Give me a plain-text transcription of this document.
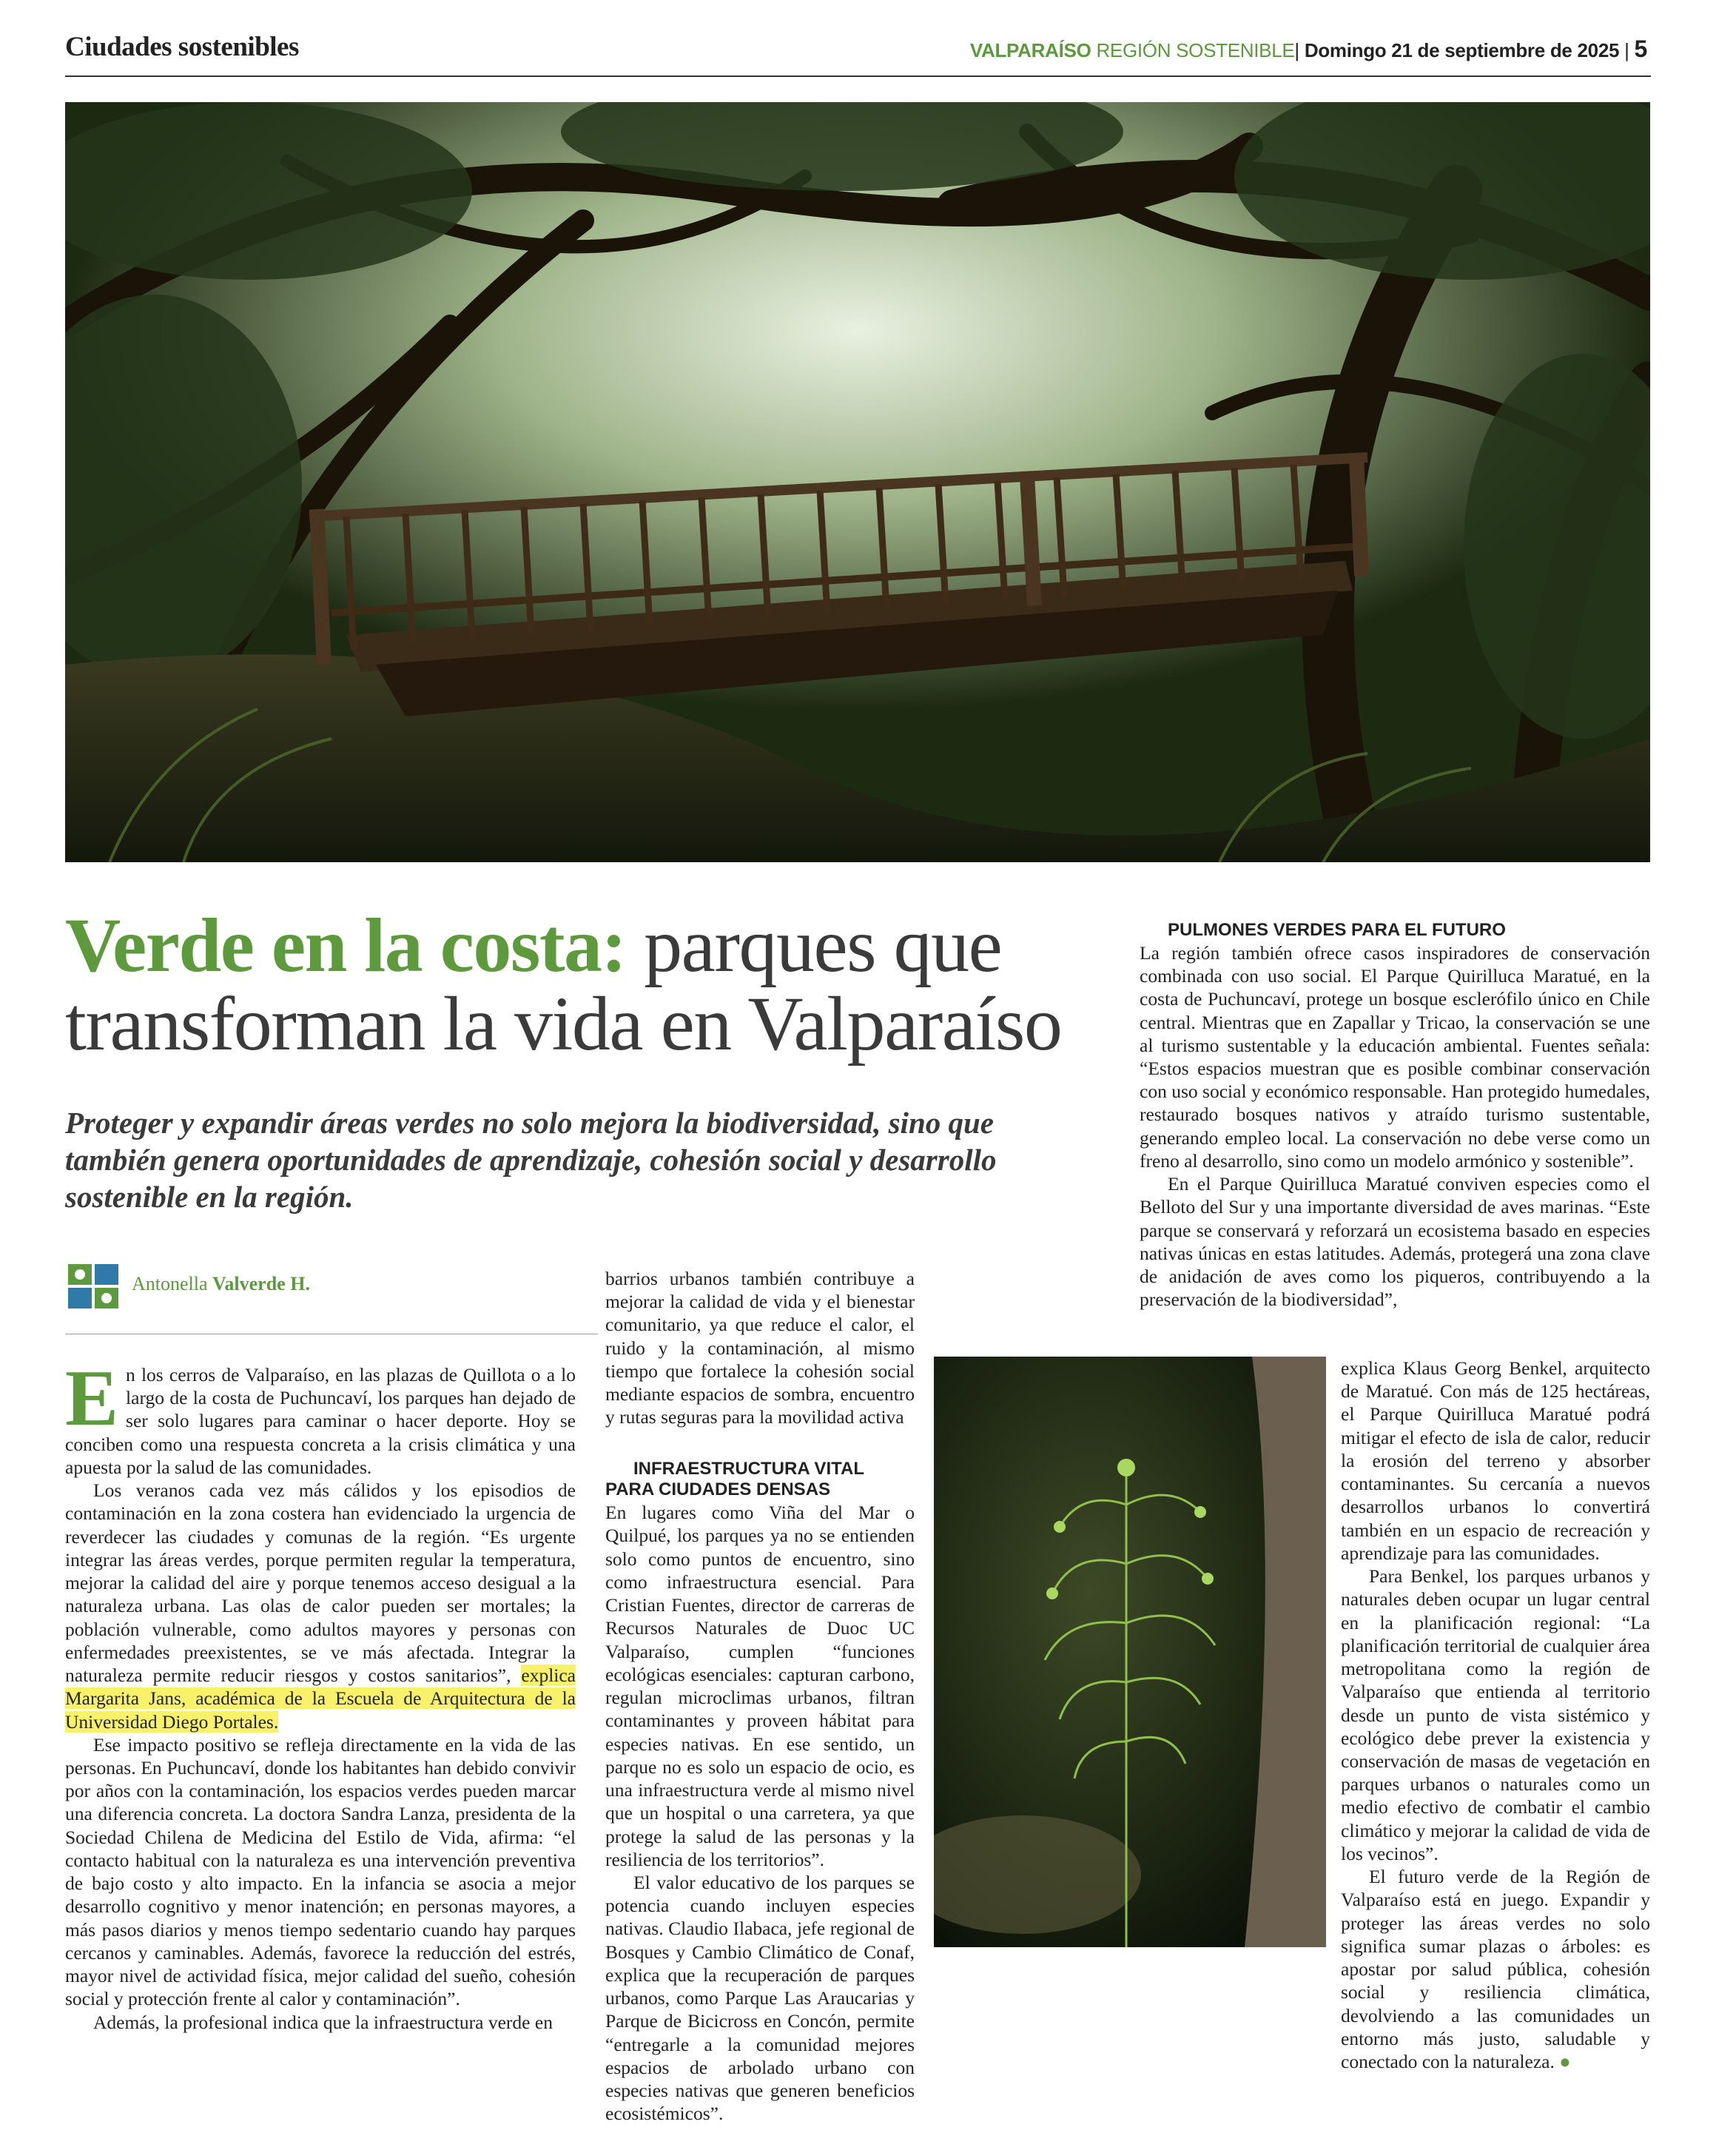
Ciudades sostenibles	VALPARAÍSO REGIÓN SOSTENIBLE| Domingo 21 de septiembre de 2025 | 5
Verde en la costa: parques que
transforman la vida en Valparaíso
Proteger y expandir áreas verdes no solo mejora la biodiversidad, sino que también genera oportunidades de aprendizaje, cohesión social y desarrollo sostenible en la región.
Antonella Valverde H.

En los cerros de Valparaíso, en las plazas de Quillota o a lo largo de la costa de Puchuncaví, los parques han dejado de ser solo lugares para caminar o hacer deporte. Hoy se conciben como una respuesta concreta a la crisis climática y una apuesta por la salud de las comunidades.

Los veranos cada vez más cálidos y los episodios de contaminación en la zona costera han evidenciado la urgencia de reverdecer las ciudades y comunas de la región. “Es urgente integrar las áreas verdes, porque permiten regular la temperatura, mejorar la calidad del aire y porque tenemos acceso desigual a la naturaleza urbana. Las olas de calor pueden ser mortales; la población vulnerable, como adultos mayores y personas con enfermedades preexistentes, se ve más afectada. Integrar la naturaleza permite reducir riesgos y costos sanitarios”, explica Margarita Jans, académica de la Escuela de Arquitectura de la Universidad Diego Portales.

Ese impacto positivo se refleja directamente en la vida de las personas. En Puchuncaví, donde los habitantes han debido convivir por años con la contaminación, los espacios verdes pueden marcar una diferencia concreta. La doctora Sandra Lanza, presidenta de la Sociedad Chilena de Medicina del Estilo de Vida, afirma: “el contacto habitual con la naturaleza es una intervención preventiva de bajo costo y alto impacto. En la infancia se asocia a mejor desarrollo cognitivo y menor inatención; en personas mayores, a más pasos diarios y menos tiempo sedentario cuando hay parques cercanos y caminables. Además, favorece la reducción del estrés, mayor nivel de actividad física, mejor calidad del sueño, cohesión social y protección frente al calor y contaminación”.

Además, la profesional indica que la infraestructura verde en

barrios urbanos también contribuye a mejorar la calidad de vida y el bienestar comunitario, ya que reduce el calor, el ruido y la contaminación, al mismo tiempo que fortalece la cohesión social mediante espacios de sombra, encuentro y rutas seguras para la movilidad activa

INFRAESTRUCTURA VITAL PARA CIUDADES DENSAS

En lugares como Viña del Mar o Quilpué, los parques ya no se entienden solo como puntos de encuentro, sino como infraestructura esencial. Para Cristian Fuentes, director de carreras de Recursos Naturales de Duoc UC Valparaíso, cumplen “funciones ecológicas esenciales: capturan carbono, regulan microclimas urbanos, filtran contaminantes y proveen hábitat para especies nativas. En ese sentido, un parque no es solo un espacio de ocio, es una infraestructura verde al mismo nivel que un hospital o una carretera, ya que protege la salud de las personas y la resiliencia de los territorios”.

El valor educativo de los parques se potencia cuando incluyen especies nativas. Claudio Ilabaca, jefe regional de Bosques y Cambio Climático de Conaf, explica que la recuperación de parques urbanos, como Parque Las Araucarias y Parque de Bicicross en Concón, permite “entregarle a la comunidad mejores espacios de arbolado urbano con especies nativas que generen beneficios ecosistémicos”.

PULMONES VERDES PARA EL FUTURO

La región también ofrece casos inspiradores de conservación combinada con uso social. El Parque Quirilluca Maratué, en la costa de Puchuncaví, protege un bosque esclerófilo único en Chile central. Mientras que en Zapallar y Tricao, la conservación se une al turismo sustentable y la educación ambiental. Fuentes señala: “Estos espacios muestran que es posible combinar conservación con uso social y económico responsable. Han protegido humedales, restaurado bosques nativos y atraído turismo sustentable, generando empleo local. La conservación no debe verse como un freno al desarrollo, sino como un modelo armónico y sostenible”.

En el Parque Quirilluca Maratué conviven especies como el Belloto del Sur y una importante diversidad de aves marinas. “Este parque se conservará y reforzará un ecosistema basado en especies nativas únicas en estas latitudes. Además, protegerá una zona clave de anidación de aves como los piqueros, contribuyendo a la preservación de la biodiversidad”,

explica Klaus Georg Benkel, arquitecto de Maratué. Con más de 125 hectáreas, el Parque Quirilluca Maratué podrá mitigar el efecto de isla de calor, reducir la erosión del terreno y absorber contaminantes. Su cercanía a nuevos desarrollos urbanos lo convertirá también en un espacio de recreación y aprendizaje para las comunidades.

Para Benkel, los parques urbanos y naturales deben ocupar un lugar central en la planificación regional: “La planificación territorial de cualquier área metropolitana como la región de Valparaíso que entienda al territorio desde un punto de vista sistémico y ecológico debe prever la existencia y conservación de masas de vegetación en parques urbanos o naturales como un medio efectivo de combatir el cambio climático y mejorar la calidad de vida de los vecinos”.

El futuro verde de la Región de Valparaíso está en juego. Expandir y proteger las áreas verdes no solo significa sumar plazas o árboles: es apostar por salud pública, cohesión social y resiliencia climática, devolviendo a las comunidades un entorno más justo, saludable y conectado con la naturaleza. ●
